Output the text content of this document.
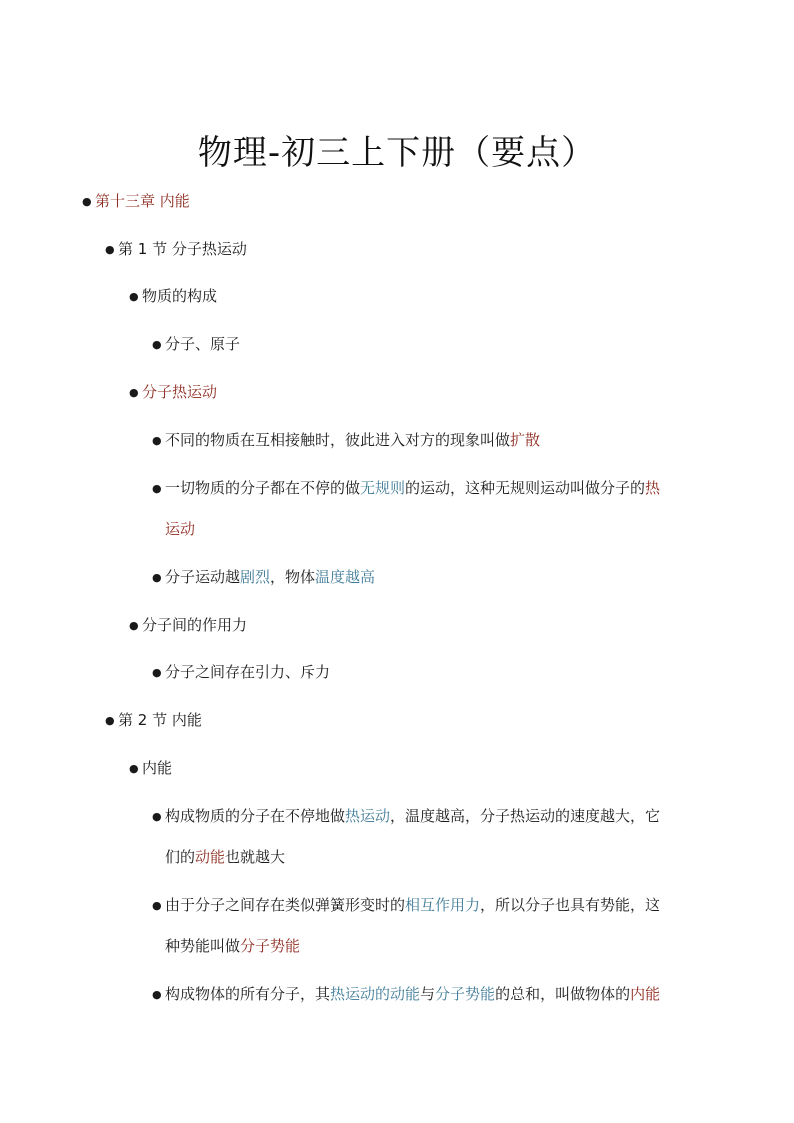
物理-初三上下册（要点）
● 第十三章 内能
● 第 1 节 分子热运动
● 物质的构成
● 分子、原子
● 分子热运动
● 不同的物质在互相接触时，彼此进入对方的现象叫做扩散
● 一切物质的分子都在不停的做无规则的运动，这种无规则运动叫做分子的热
运动
● 分子运动越剧烈，物体温度越高
● 分子间的作用力
● 分子之间存在引力、斥力
● 第 2 节 内能
● 内能
● 构成物质的分子在不停地做热运动，温度越高，分子热运动的速度越大，它
们的动能也就越大
● 由于分子之间存在类似弹簧形变时的相互作用力，所以分子也具有势能，这
种势能叫做分子势能
● 构成物体的所有分子，其热运动的动能与分子势能的总和，叫做物体的内能
